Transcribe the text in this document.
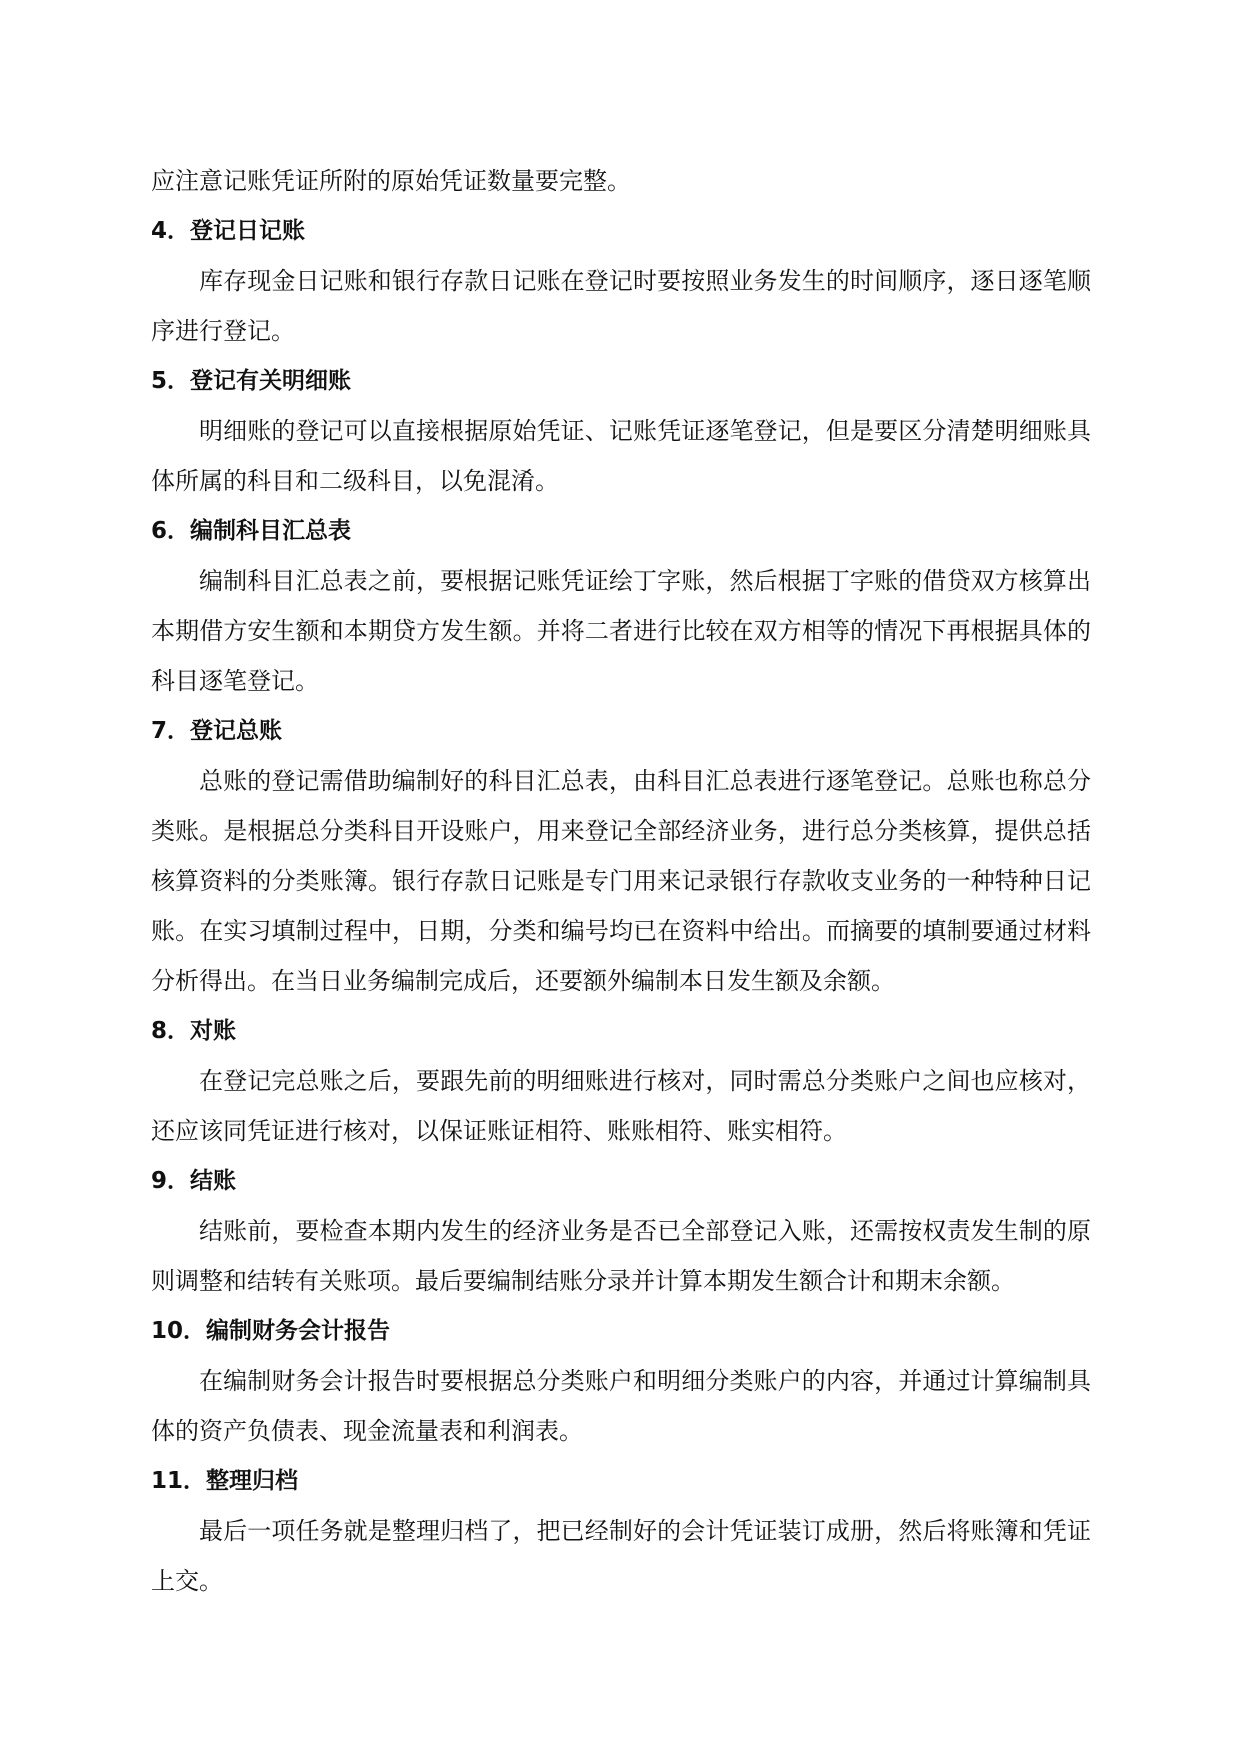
应注意记账凭证所附的原始凭证数量要完整。

4．登记日记账

库存现金日记账和银行存款日记账在登记时要按照业务发生的时间顺序，逐日逐笔顺序进行登记。

5．登记有关明细账

明细账的登记可以直接根据原始凭证、记账凭证逐笔登记，但是要区分清楚明细账具体所属的科目和二级科目，以免混淆。

6．编制科目汇总表

编制科目汇总表之前，要根据记账凭证绘丁字账，然后根据丁字账的借贷双方核算出本期借方安生额和本期贷方发生额。并将二者进行比较在双方相等的情况下再根据具体的科目逐笔登记。

7．登记总账

总账的登记需借助编制好的科目汇总表，由科目汇总表进行逐笔登记。总账也称总分类账。是根据总分类科目开设账户，用来登记全部经济业务，进行总分类核算，提供总括核算资料的分类账簿。银行存款日记账是专门用来记录银行存款收支业务的一种特种日记账。在实习填制过程中，日期，分类和编号均已在资料中给出。而摘要的填制要通过材料分析得出。在当日业务编制完成后，还要额外编制本日发生额及余额。

8．对账

在登记完总账之后，要跟先前的明细账进行核对，同时需总分类账户之间也应核对，还应该同凭证进行核对，以保证账证相符、账账相符、账实相符。

9．结账

结账前，要检查本期内发生的经济业务是否已全部登记入账，还需按权责发生制的原则调整和结转有关账项。最后要编制结账分录并计算本期发生额合计和期末余额。

10．编制财务会计报告

在编制财务会计报告时要根据总分类账户和明细分类账户的内容，并通过计算编制具体的资产负债表、现金流量表和利润表。

11．整理归档

最后一项任务就是整理归档了，把已经制好的会计凭证装订成册，然后将账簿和凭证上交。
